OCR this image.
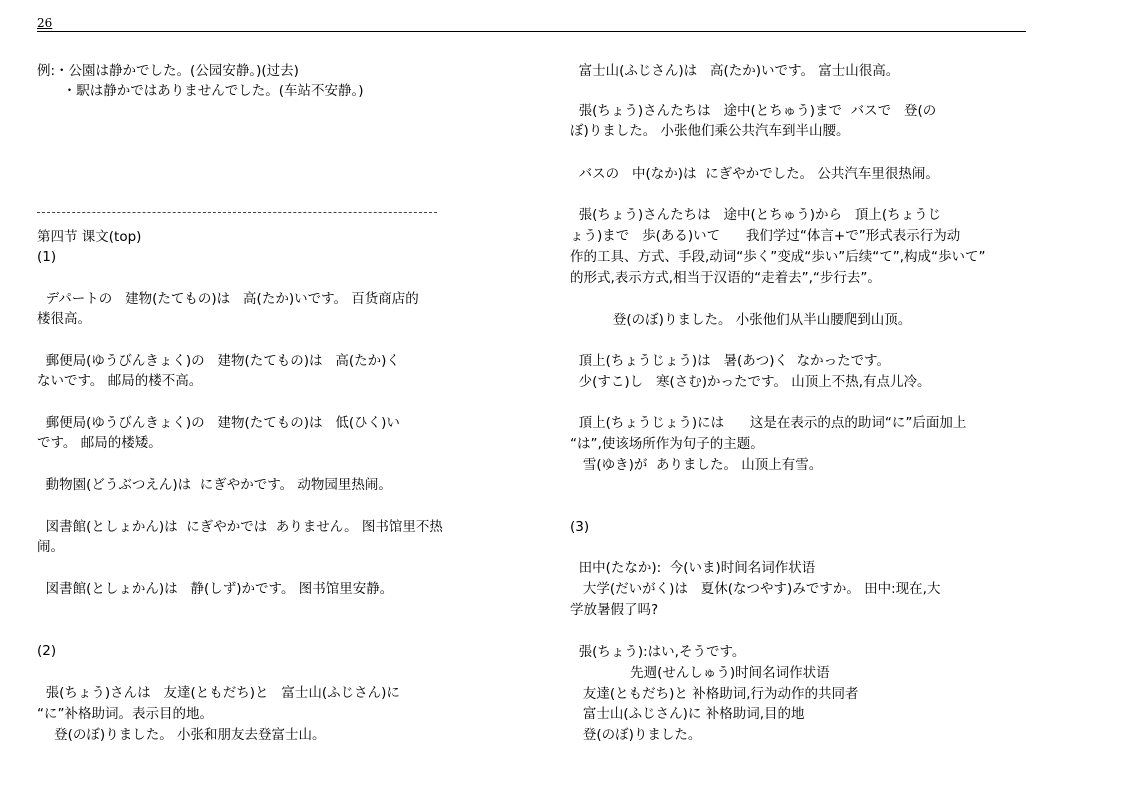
26
例:・公園は静かでした。(公园安静。)(过去)
・駅は静かではありませんでした。(车站不安静。)
第四节 课文(top)
(1)
デパートの   建物(たてもの)は   高(たか)いです。 百货商店的
楼很高。
郵便局(ゆうびんきょく)の   建物(たてもの)は   高(たか)く
ないです。 邮局的楼不高。
郵便局(ゆうびんきょく)の   建物(たてもの)は   低(ひく)い
です。 邮局的楼矮。
動物園(どうぶつえん)は  にぎやかです。 动物园里热闹。
図書館(としょかん)は  にぎやかでは  ありません。 图书馆里不热
闹。
図書館(としょかん)は   静(しず)かです。 图书馆里安静。
(2)
張(ちょう)さんは   友達(ともだち)と   富士山(ふじさん)に
“に”补格助词。表示目的地。
登(のぼ)りました。 小张和朋友去登富士山。
富士山(ふじさん)は   高(たか)いです。 富士山很高。
張(ちょう)さんたちは   途中(とちゅう)まで  バスで   登(の
ぼ)りました。 小张他们乘公共汽车到半山腰。
バスの   中(なか)は  にぎやかでした。 公共汽车里很热闹。
張(ちょう)さんたちは   途中(とちゅう)から   頂上(ちょうじ
ょう)まで   歩(ある)いて      我们学过“体言+で”形式表示行为动
作的工具、方式、手段,动词“歩く”变成“歩い”后续“て”,构成“歩いて”
的形式,表示方式,相当于汉语的“走着去”,“步行去”。
登(のぼ)りました。 小张他们从半山腰爬到山顶。
頂上(ちょうじょう)は   暑(あつ)く  なかったです。
少(すこ)し   寒(さむ)かったです。 山顶上不热,有点儿冷。
頂上(ちょうじょう)には      这是在表示的点的助词“に”后面加上
“は”,使该场所作为句子的主题。
雪(ゆき)が  ありました。 山顶上有雪。
(3)
田中(たなか):  今(いま)时间名词作状语
大学(だいがく)は   夏休(なつやす)みですか。 田中:现在,大
学放暑假了吗?
張(ちょう):はい,そうです。
先週(せんしゅう)时间名词作状语
友達(ともだち)と 补格助词,行为动作的共同者
富士山(ふじさん)に 补格助词,目的地
登(のぼ)りました。
